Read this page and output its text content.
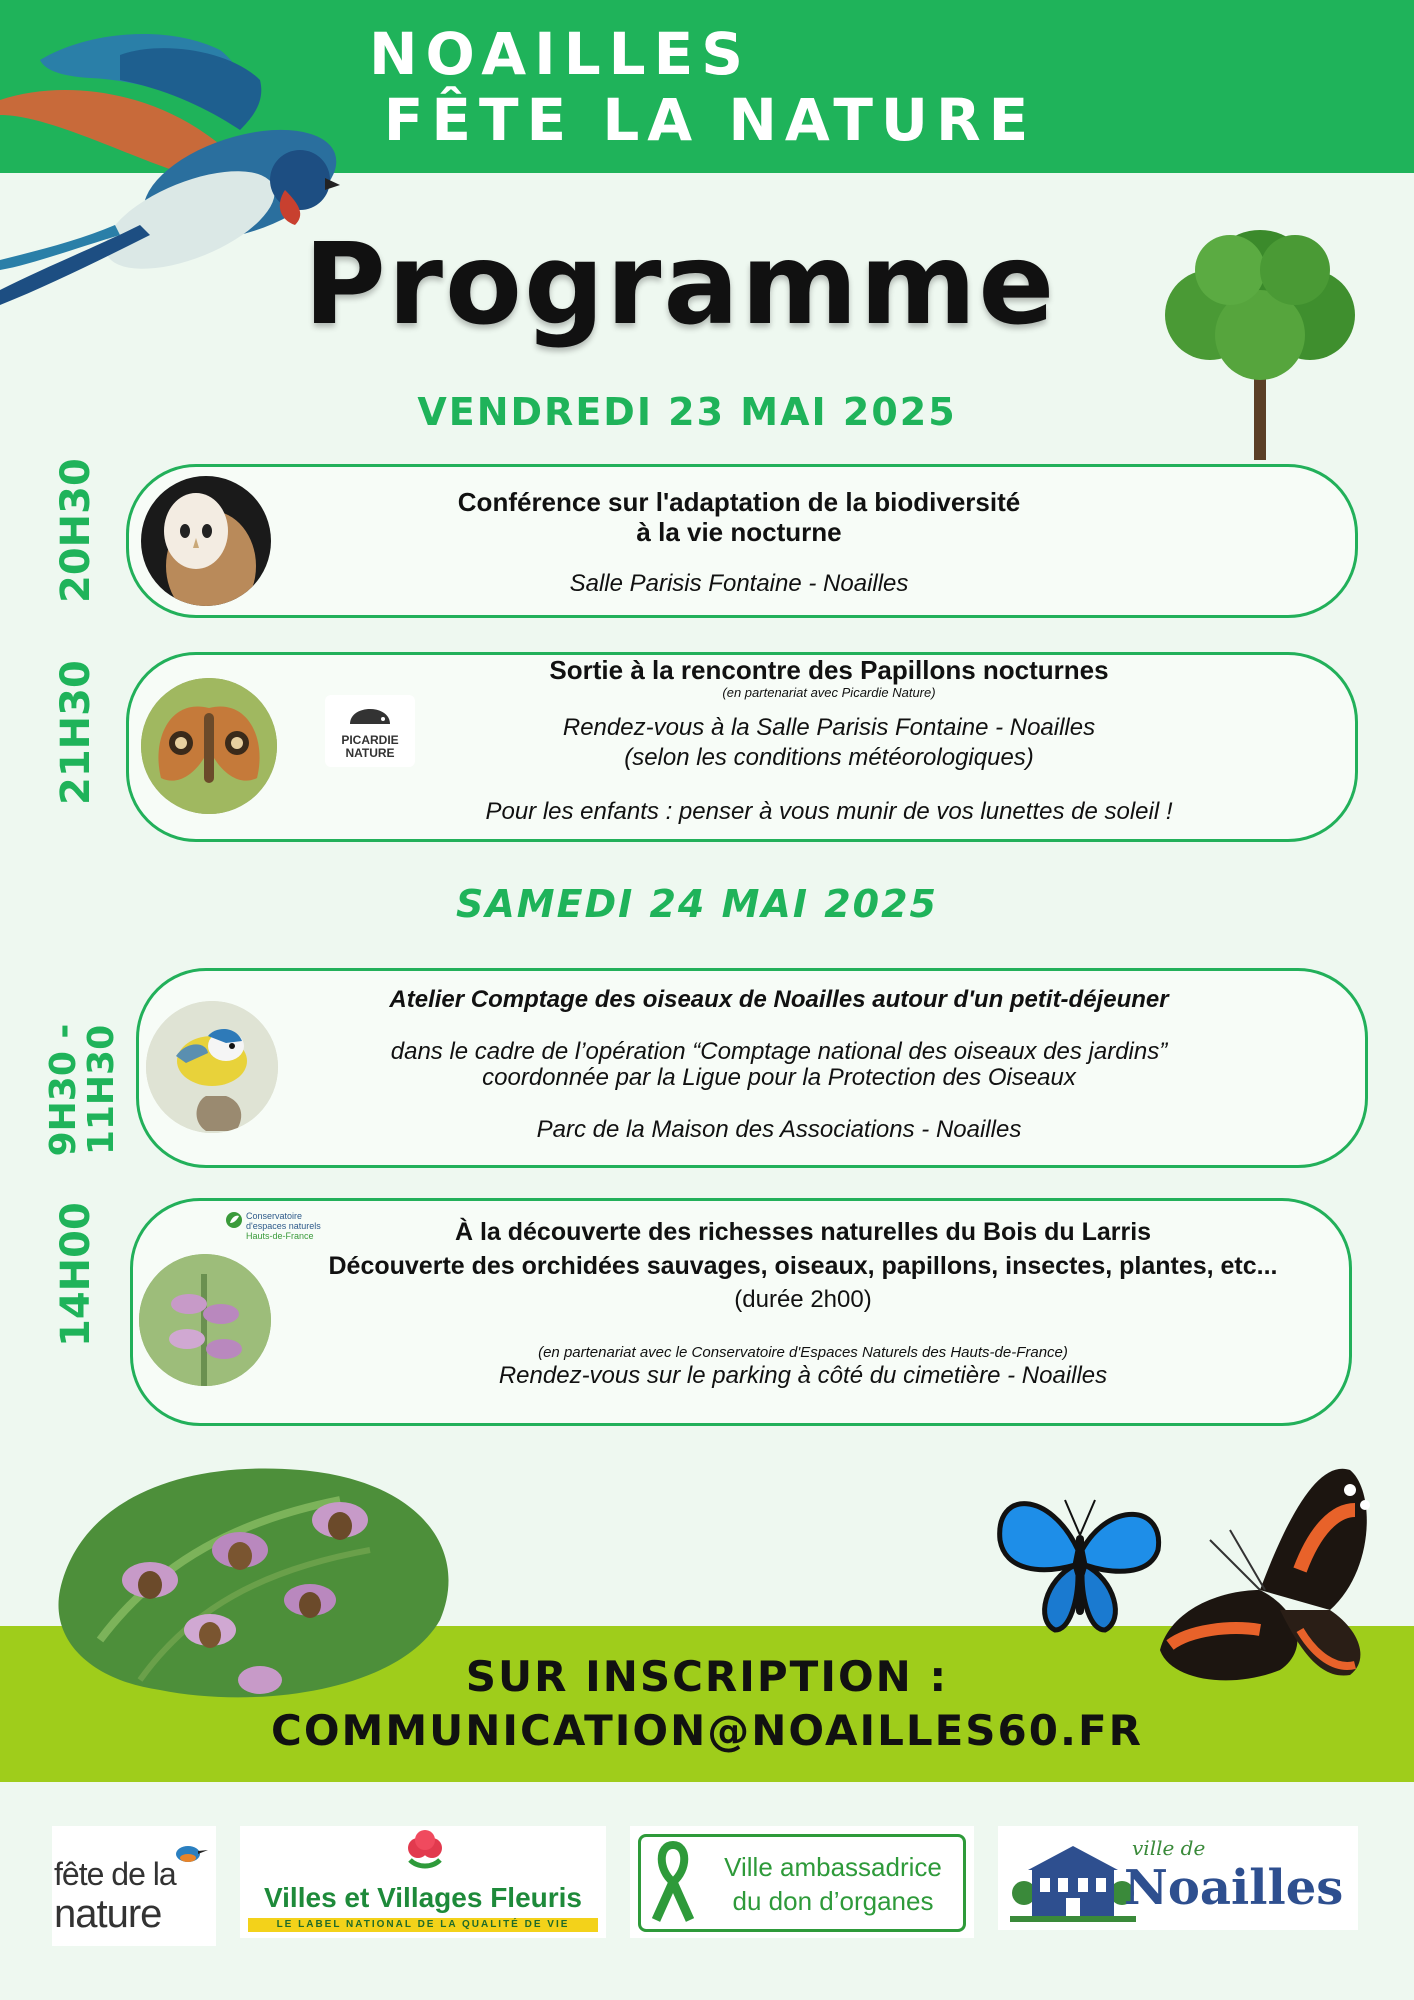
NOAILLES
FÊTE LA NATURE
Programme
VENDREDI 23 MAI 2025
20H30	Conférence sur l'adaptation de la biodiversité
à la vie nocturne
Salle Parisis Fontaine - Noailles
21H30	PICARDIE
NATURE
Sortie à la rencontre des Papillons nocturnes
(en partenariat avec Picardie Nature)
Rendez-vous à la Salle Parisis Fontaine - Noailles
(selon les conditions météorologiques)
Pour les enfants : penser à vous munir de vos lunettes de soleil !
SAMEDI 24 MAI 2025
9H30 -
11H30
Atelier Comptage des oiseaux de Noailles autour d'un petit-déjeuner
dans le cadre de l’opération “Comptage national des oiseaux des jardins”
coordonnée par la Ligue pour la Protection des Oiseaux
Parc de la Maison des Associations - Noailles
14H00	Conservatoire
d'espaces naturels
Hauts-de-France	À la découverte des richesses naturelles du Bois du Larris
Découverte des orchidées sauvages, oiseaux, papillons, insectes, plantes, etc...
(durée 2h00)
(en partenariat avec le Conservatoire d'Espaces Naturels des Hauts-de-France)
Rendez-vous sur le parking à côté du cimetière - Noailles
SUR INSCRIPTION :
COMMUNICATION@NOAILLES60.FR
fête de la
nature	Villes et Villages Fleuris
LE LABEL NATIONAL DE LA QUALITÉ DE VIE
Ville ambassadrice
du don d’organes
ville de
Noailles
